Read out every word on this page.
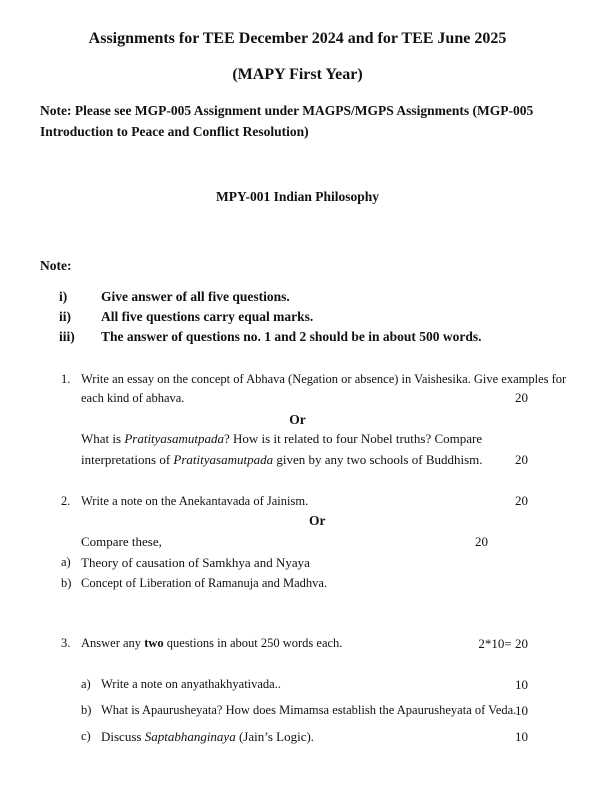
Assignments for TEE December 2024 and for TEE June 2025
(MAPY First Year)
Note: Please see MGP-005 Assignment under MAGPS/MGPS Assignments (MGP-005
Introduction to Peace and Conflict Resolution)
MPY-001 Indian Philosophy
Note:
i)	Give answer of all five questions.
ii) All five questions carry equal marks.
iii) The answer of questions no. 1 and 2 should be in about 500 words.
1. Write an essay on the concept of Abhava (Negation or absence) in Vaishesika. Give examples for
each kind of abhava.	20
Or
What is Pratityasamutpada? How is it related to four Nobel truths? Compare
interpretations of Pratityasamutpada given by any two schools of Buddhism.	20
2. Write a note on the Anekantavada of Jainism.	20
Or
Compare these,	20
a) Theory of causation of Samkhya and Nyaya
b) Concept of Liberation of Ramanuja and Madhva.
3. Answer any two questions in about 250 words each.	2*10= 20
a) Write a note on anyathakhyativada..	10
b) What is Apaurusheyata? How does Mimamsa establish the Apaurusheyata of Veda.
10
c) Discuss Saptabhanginaya (Jain’s Logic).	10
